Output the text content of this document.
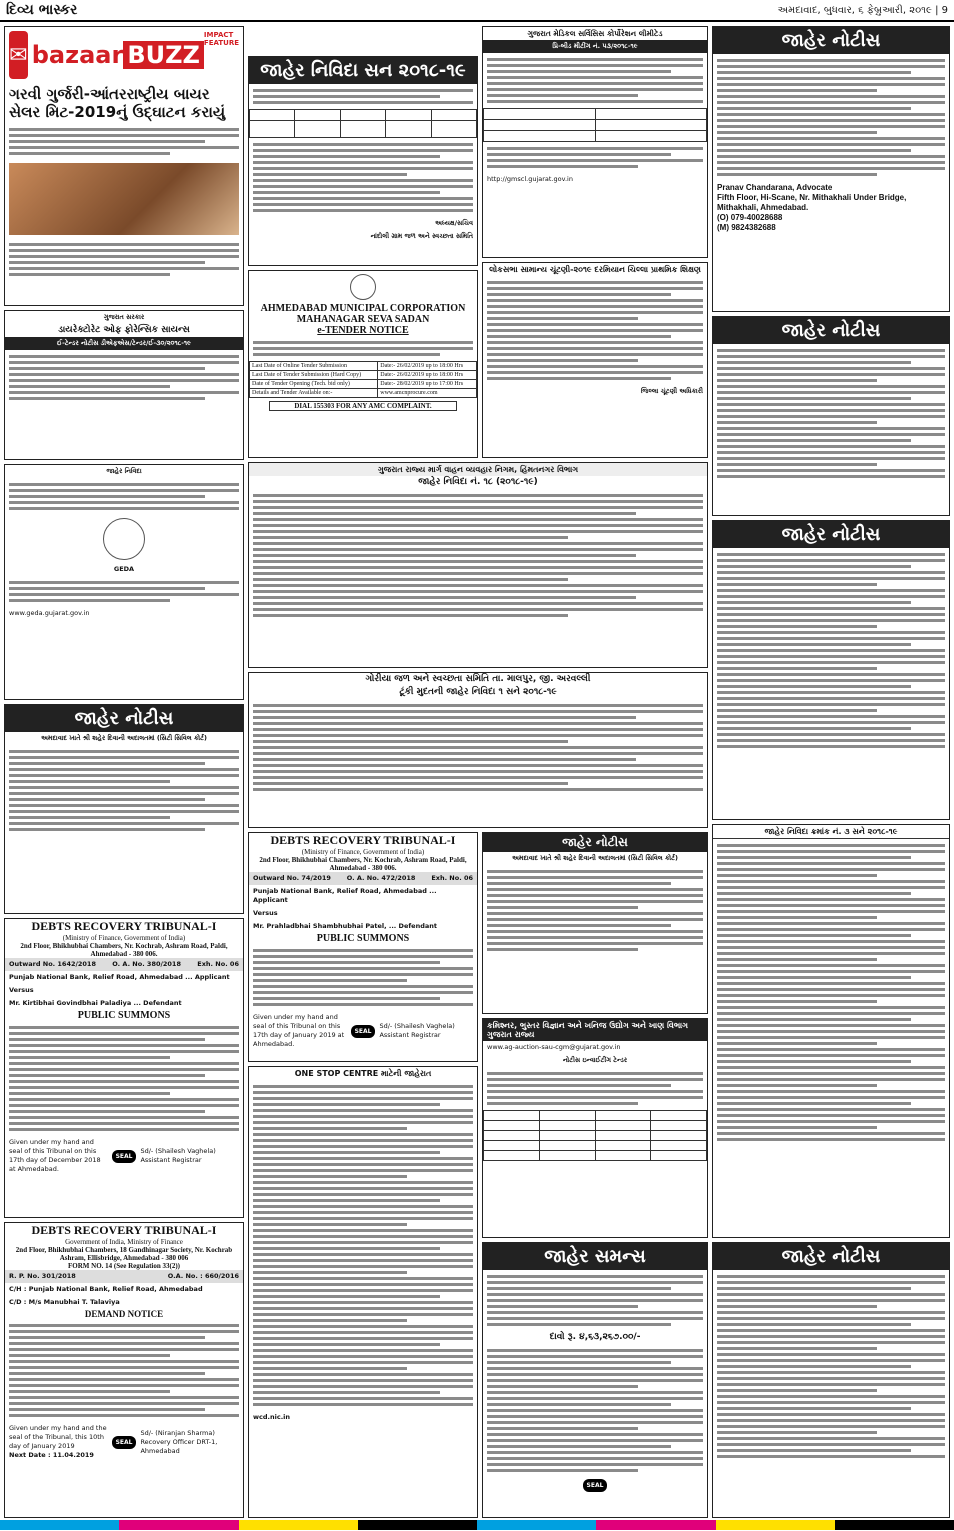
દિવ્ય ભાસ્કર	અમદાવાદ, બુધવાર, ૬ ફેબ્રુઆરી, ૨૦૧૯ | 9
✉ bazaar BUZZ
IMPACT FEATURE
ગરવી ગુર્જરી-આંતરરાષ્ટ્રીય બાયર સેલર મિટ-2019નું ઉદ્ઘાટન કરાયું
ગુજરાત સરકાર
ડાયરેક્ટોરેટ ઓફ ફોરેન્સિક સાયન્સ
ઈ-ટેન્ડર નોટીસ ડીએફએસ/ટેન્ડર/ઈ-૩૦/૨૦૧૮-૧૯
જાહેર નિવિદા
GEDA
www.geda.gujarat.gov.in
જાહેર નોટીસ
અમદાવાદ ખાતે શ્રી શહેર દિવાની અદાલતમાં (સિટી સિવિલ કોર્ટ)
DEBTS RECOVERY TRIBUNAL-I
(Ministry of Finance, Government of India)
2nd Floor, Bhikhubhai Chambers, Nr. Kochrab, Ashram Road, Paldi, Ahmedabad - 380 006.
Outward No. 1642/2018	O. A. No. 380/2018	Exh. No. 06
Punjab National Bank, Relief Road, Ahmedabad ... Applicant
Versus
Mr. Kirtibhai Govindbhai Paladiya ... Defendant
PUBLIC SUMMONS
Given under my hand and seal of this Tribunal on this 17th day of December 2018 at Ahmedabad.
SEAL
Sd/- (Shailesh Vaghela) Assistant Registrar
DEBTS RECOVERY TRIBUNAL-I
Government of India, Ministry of Finance
2nd Floor, Bhikhubhai Chambers, 18 Gandhinagar Society, Nr. Kochrab Ashram, Ellisbridge, Ahmedabad - 380 006
FORM NO. 14 (See Regulation 33(2))
R. P. No. 301/2018	O.A. No. : 660/2016
C/H : Punjab National Bank, Relief Road, Ahmedabad
C/D : M/s Manubhai T. Talaviya
DEMAND NOTICE
Given under my hand and the seal of the Tribunal, this 10th day of January 2019
Next Date : 11.04.2019
SEAL
Sd/- (Niranjan Sharma) Recovery Officer DRT-1, Ahmedabad
જાહેર નિવિદા સન ૨૦૧૮-૧૯

અધ્યક્ષ/સચિવ
નાંદોલી ગ્રામ જળ અને સ્વચ્છતા સમિતિ
AHMEDABAD MUNICIPAL CORPORATION
MAHANAGAR SEVA SADAN
e-TENDER NOTICE
Last Date of Online Tender Submission	Date:- 26/02/2019 up to 18:00 Hrs
Last Date of Tender Submission (Hard Copy)	Date:- 26/02/2019 up to 18:00 Hrs
Date of Tender Opening (Tech. bid only)	Date:- 28/02/2019 up to 17:00 Hrs
Details and Tender Available on:-	www.amcnprocure.com
DIAL 155303 FOR ANY AMC COMPLAINT.
ગુજરાત રાજ્ય માર્ગ વાહન વ્યવહાર નિગમ, હિંમતનગર વિભાગ
જાહેર નિવિદા નં. ૧૮ (૨૦૧૮-૧૯)
ગોરીયા જળ અને સ્વચ્છતા સમિતિ તા. માલપુર, જી. અરવલ્લી
ટૂંકી મુદતની જાહેર નિવિદા ૧ સને ૨૦૧૮-૧૯
DEBTS RECOVERY TRIBUNAL-I
(Ministry of Finance, Government of India)
2nd Floor, Bhikhubhai Chambers, Nr. Kochrab, Ashram Road, Paldi, Ahmedabad - 380 006.
Outward No. 74/2019 O. A. No. 472/2018 Exh. No. 06
Punjab National Bank, Relief Road, Ahmedabad ... Applicant
Versus
Mr. Prahladbhai Shambhubhai Patel, ... Defendant
PUBLIC SUMMONS
Given under my hand and seal of this Tribunal on this 17th day of January 2019 at Ahmedabad.
SEAL
Sd/- (Shailesh Vaghela) Assistant Registrar
ONE STOP CENTRE માટેની જાહેરાત
wcd.nic.in
ગુજરાત મેડિકલ સર્વિસિસ કોર્પોરેશન લીમીટેડ
પ્રિ-બીડ મીટીંગ નં. ૫૩/૨૦૧૮-૧૯

http://gmscl.gujarat.gov.in
લોકસભા સામાન્ય ચૂંટણી-૨૦૧૯ દરમિયાન ચિલ્લા પ્રાથમિક શિક્ષણ
જિલ્લા ચૂંટણી અધિકારી
જાહેર નોટીસ
અમદાવાદ ખાતે શ્રી શહેર દિવાની અદાલતમાં (સિટી સિવિલ કોર્ટ)
કમિશ્નર, ભુસ્તર વિજ્ઞાન અને ખનિજ ઉદ્યોગ અને ખાણ વિભાગ ગુજરાત રાજ્ય
www.ag-auction-sau-cgm@gujarat.gov.in
નોટીસ ઇન્વાઈટીંગ ટેન્ડર

જાહેર સમન્સ
દાવો રૂ. ૪,૬૩,૨૬૭.૦૦/-
SEAL
જાહેર નોટીસ
Pranav Chandarana, Advocate
Fifth Floor, Hi-Scane, Nr. Mithakhali Under Bridge, Mithakhali, Ahmedabad.
(O) 079-40028688
(M) 9824382688
જાહેર નોટીસ
જાહેર નોટીસ
જાહેર નિવિદા ક્રમાંક નં. ૩ સને ૨૦૧૮-૧૯
જાહેર નોટીસ
